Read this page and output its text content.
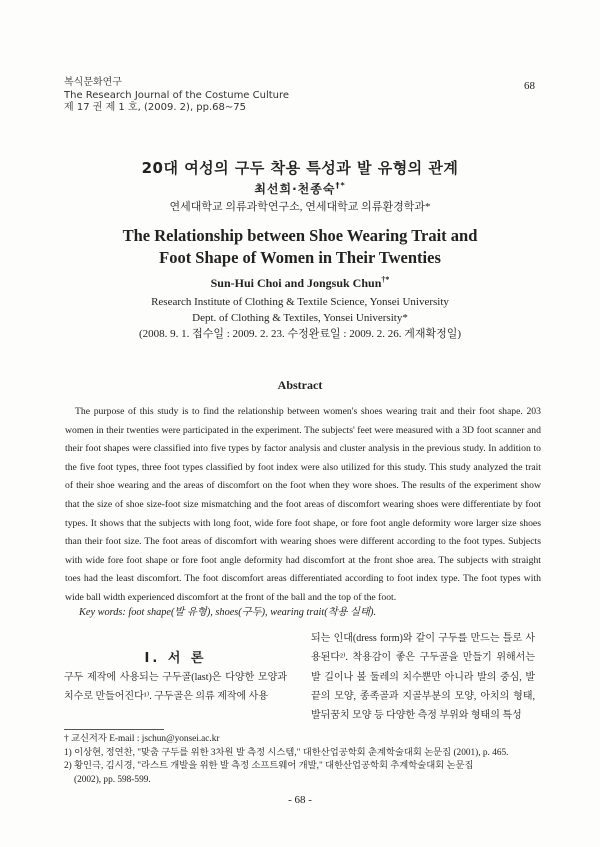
복식문화연구
The Research Journal of the Costume Culture
제 17 권 제 1 호, (2009. 2), pp.68∼75
68
20대 여성의 구두 착용 특성과 발 유형의 관계
최선희·천종숙†*
연세대학교 의류과학연구소, 연세대학교 의류환경학과*
The Relationship between Shoe Wearing Trait and
Foot Shape of Women in Their Twenties
Sun-Hui Choi and Jongsuk Chun†*
Research Institute of Clothing & Textile Science, Yonsei University
Dept. of Clothing & Textiles, Yonsei University*
(2008. 9. 1. 접수일 : 2009. 2. 23. 수정완료일 : 2009. 2. 26. 게재확정일)
Abstract

The purpose of this study is to find the relationship between women's shoes wearing trait and their foot shape. 203 women in their twenties were participated in the experiment. The subjects' feet were measured with a 3D foot scanner and their foot shapes were classified into five types by factor analysis and cluster analysis in the previous study. In addition to the five foot types, three foot types classified by foot index were also utilized for this study. This study analyzed the trait of their shoe wearing and the areas of discomfort on the foot when they wore shoes. The results of the experiment show that the size of shoe size-foot size mismatching and the foot areas of discomfort wearing shoes were differentiate by foot types. It shows that the subjects with long foot, wide fore foot shape, or fore foot angle deformity wore larger size shoes than their foot size. The foot areas of discomfort with wearing shoes were different according to the foot types. Subjects with wide fore foot shape or fore foot angle deformity had discomfort at the front shoe area. The subjects with straight toes had the least discomfort. The foot discomfort areas differentiated according to foot index type. The foot types with wide ball width experienced discomfort at the front of the ball and the top of the foot.

Key words: foot shape(발 유형), shoes(구두), wearing trait(착용 실태).
Ⅰ. 서 론

구두 제작에 사용되는 구두골(last)은 다양한 모양과 치수로 만들어진다¹⁾. 구두골은 의류 제작에 사용

되는 인대(dress form)와 같이 구두를 만드는 틀로 사용된다²⁾. 착용감이 좋은 구두골을 만들기 위해서는 발 길이나 볼 둘레의 치수뿐만 아니라 발의 중심, 발끝의 모양, 종족골과 지골부분의 모양, 아치의 형태, 발뒤꿈치 모양 등 다양한 측정 부위와 형태의 특성

† 교신저자 E-mail : jschun@yonsei.ac.kr
1) 이상현, 정연찬, "맞춤 구두를 위한 3차원 발 측정 시스템," 대한산업공학회 춘계학술대회 논문집 (2001), p. 465.
2) 황인극, 김시경, "라스트 개발을 위한 발 측정 소프트웨어 개발," 대한산업공학회 추계학술대회 논문집
(2002), pp. 598-599.
- 68 -
